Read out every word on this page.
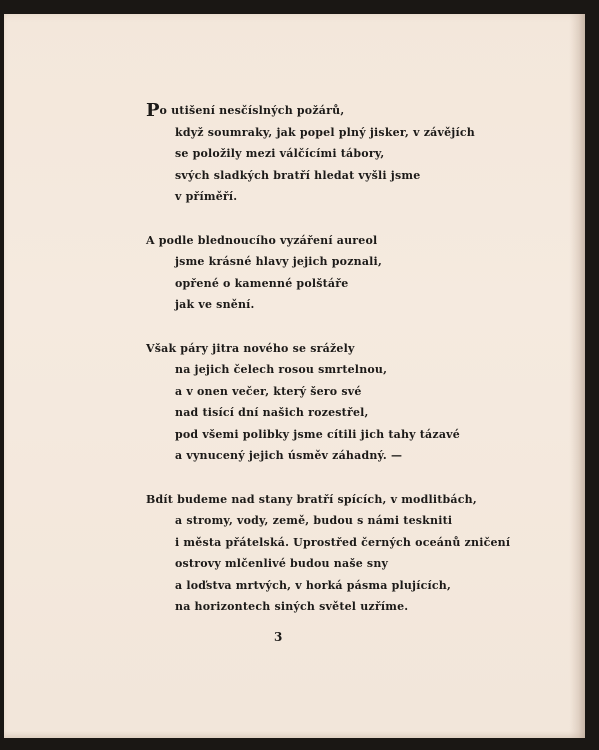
Po utišení nesčíslných požárů,
když soumraky, jak popel plný jisker, v závějích
se položily mezi válčícími tábory,
svých sladkých bratří hledat vyšli jsme
v příměří.
A podle blednoucího vyzáření aureol
jsme krásné hlavy jejich poznali,
opřené o kamenné polštáře
jak ve snění.
Však páry jitra nového se srážely
na jejich čelech rosou smrtelnou,
a v onen večer, který šero své
nad tisící dní našich rozestřel,
pod všemi polibky jsme cítili jich tahy tázavé
a vynucený jejich úsměv záhadný. —
Bdít budeme nad stany bratří spících, v modlitbách,
a stromy, vody, země, budou s námi teskniti
i města přátelská. Uprostřed černých oceánů zničení
ostrovy mlčenlivé budou naše sny
a loďstva mrtvých, v horká pásma plujících,
na horizontech siných světel uzříme.
3
